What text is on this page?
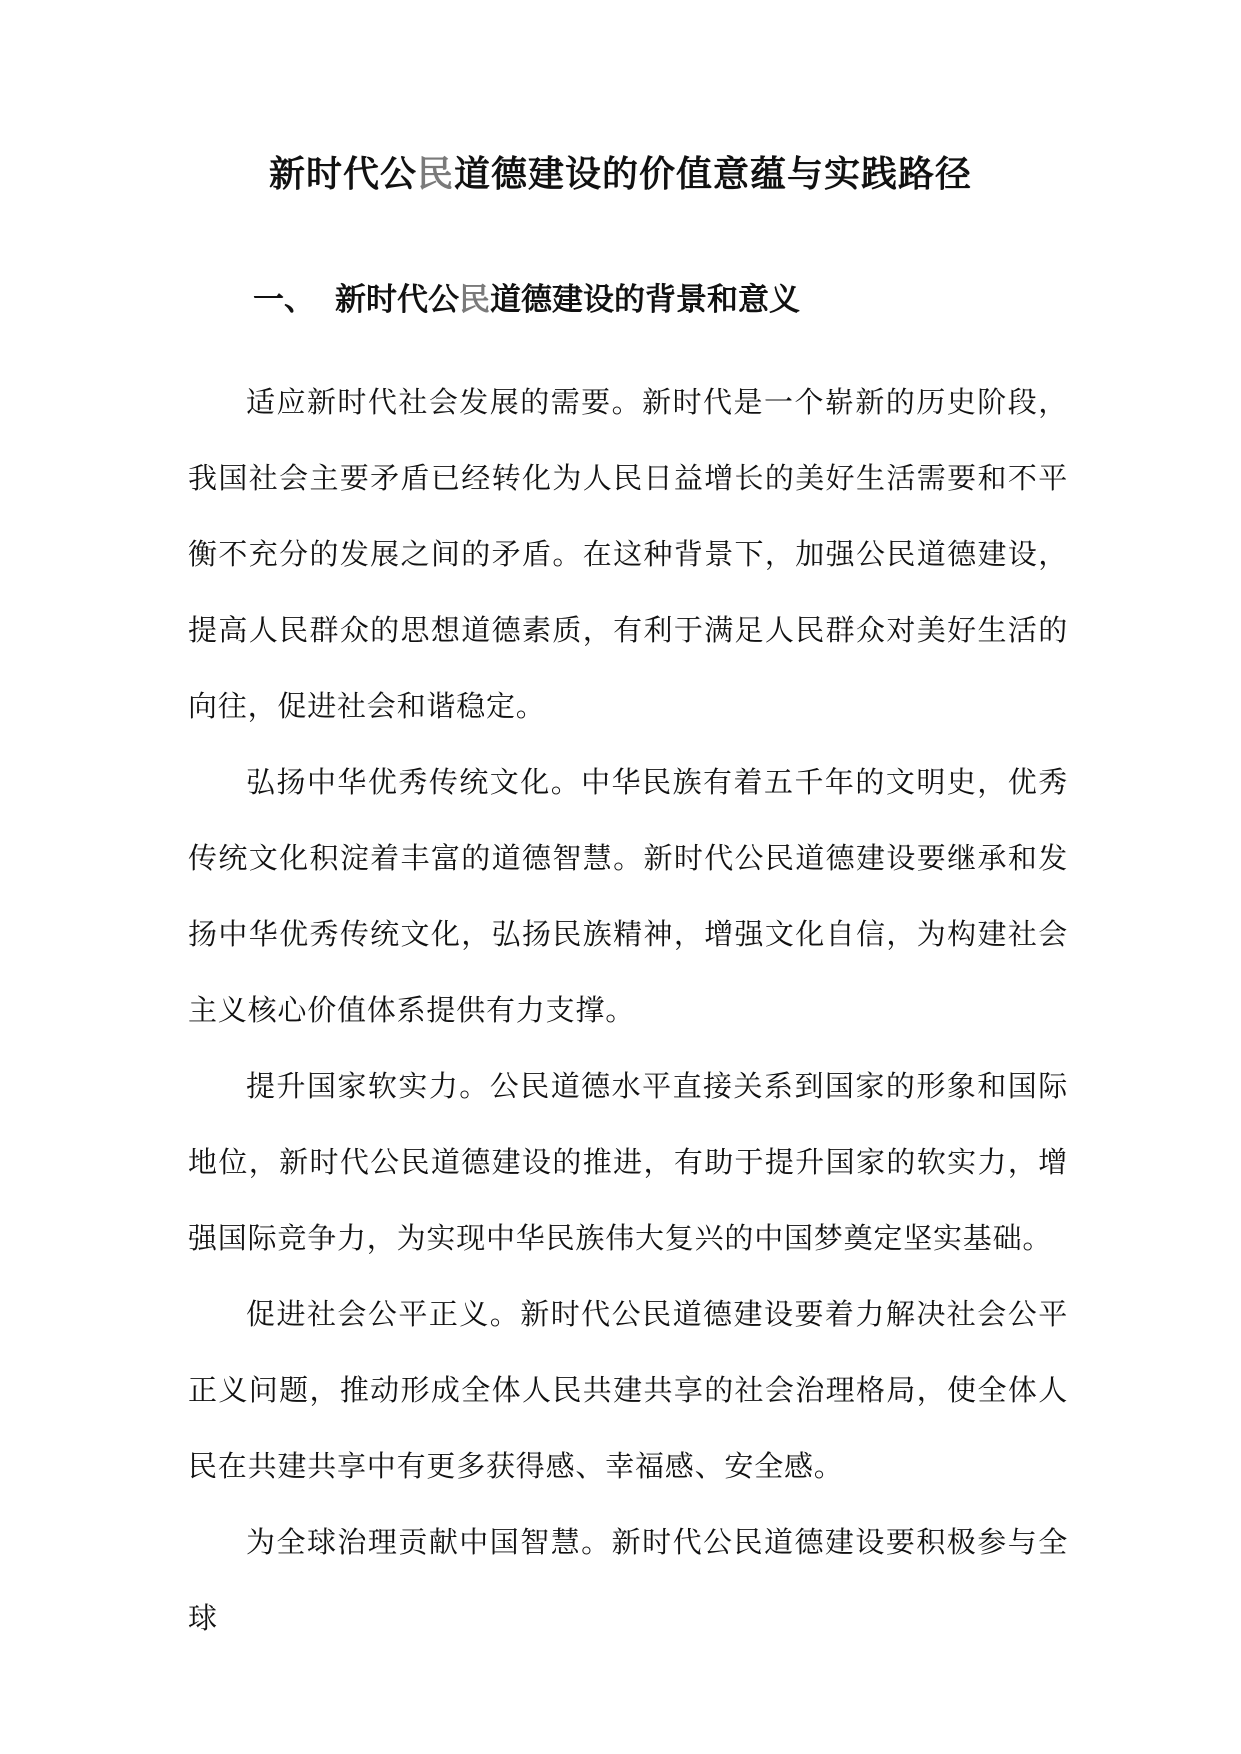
新时代公民道德建设的价值意蕴与实践路径
一、 新时代公民道德建设的背景和意义

适应新时代社会发展的需要。新时代是一个崭新的历史阶段，我国社会主要矛盾已经转化为人民日益增长的美好生活需要和不平衡不充分的发展之间的矛盾。在这种背景下，加强公民道德建设，提高人民群众的思想道德素质，有利于满足人民群众对美好生活的向往，促进社会和谐稳定。

弘扬中华优秀传统文化。中华民族有着五千年的文明史，优秀传统文化积淀着丰富的道德智慧。新时代公民道德建设要继承和发扬中华优秀传统文化，弘扬民族精神，增强文化自信，为构建社会主义核心价值体系提供有力支撑。

提升国家软实力。公民道德水平直接关系到国家的形象和国际地位，新时代公民道德建设的推进，有助于提升国家的软实力，增强国际竞争力，为实现中华民族伟大复兴的中国梦奠定坚实基础。

促进社会公平正义。新时代公民道德建设要着力解决社会公平正义问题，推动形成全体人民共建共享的社会治理格局，使全体人民在共建共享中有更多获得感、幸福感、安全感。

为全球治理贡献中国智慧。新时代公民道德建设要积极参与全球
